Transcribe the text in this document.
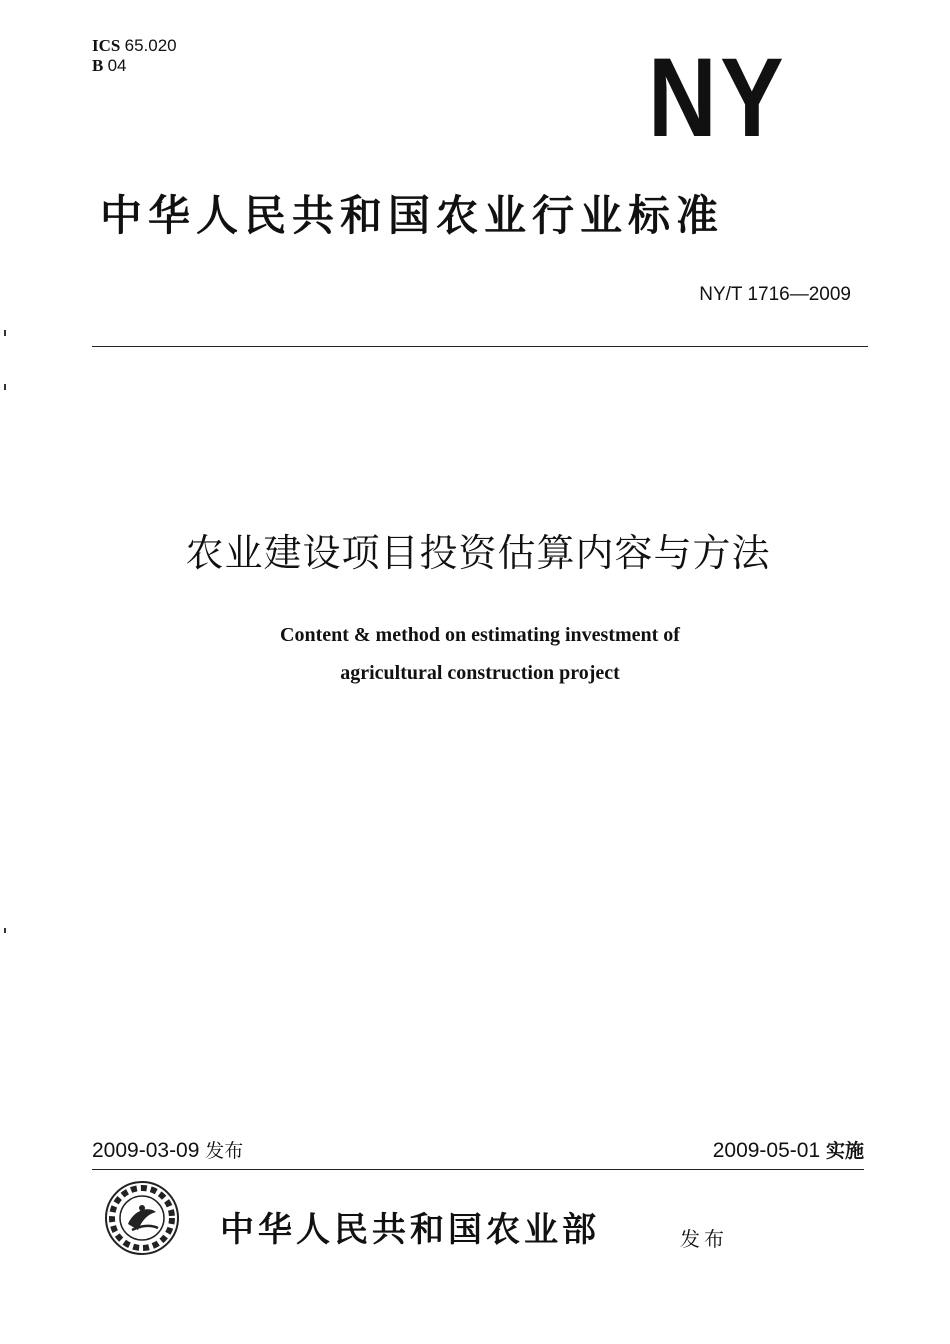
ICS 65.020
B 04	NY
中华人民共和国农业行业标准
NY/T 1716—2009
农业建设项目投资估算内容与方法
Content & method on estimating investment of
agricultural construction project
2009-03-09 发布	2009-05-01 实施
中华人民共和国农业部	发布
